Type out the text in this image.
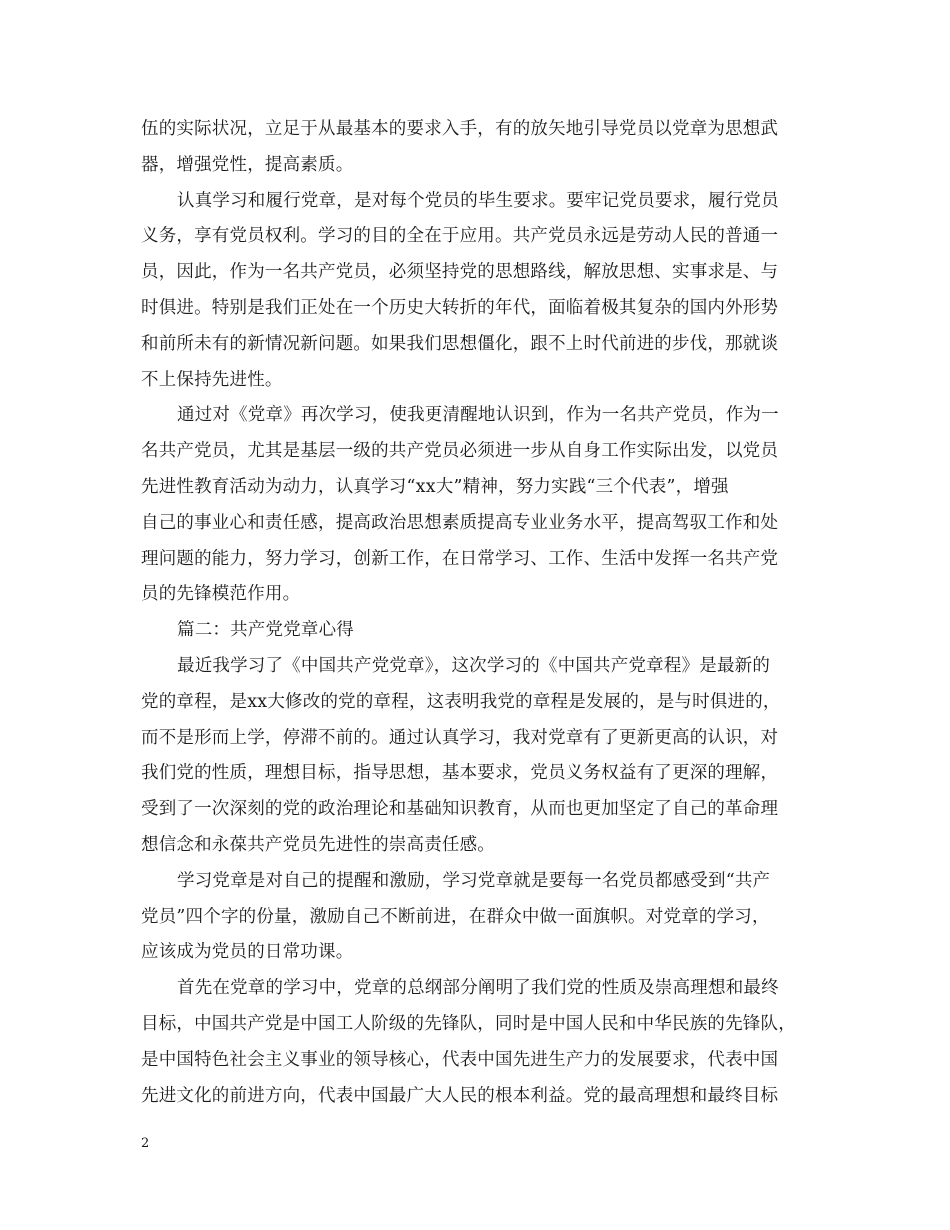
伍的实际状况，立足于从最基本的要求入手，有的放矢地引导党员以党章为思想武
器，增强党性，提高素质。
认真学习和履行党章，是对每个党员的毕生要求。要牢记党员要求，履行党员
义务，享有党员权利。学习的目的全在于应用。共产党员永远是劳动人民的普通一
员，因此，作为一名共产党员，必须坚持党的思想路线，解放思想、实事求是、与
时俱进。特别是我们正处在一个历史大转折的年代，面临着极其复杂的国内外形势
和前所未有的新情况新问题。如果我们思想僵化，跟不上时代前进的步伐，那就谈
不上保持先进性。
通过对《党章》再次学习，使我更清醒地认识到，作为一名共产党员，作为一
名共产党员，尤其是基层一级的共产党员必须进一步从自身工作实际出发，以党员
先进性教育活动为动力，认真学习“xx大”精神，努力实践“三个代表”，增强
自己的事业心和责任感，提高政治思想素质提高专业业务水平，提高驾驭工作和处
理问题的能力，努力学习，创新工作，在日常学习、工作、生活中发挥一名共产党
员的先锋模范作用。
篇二：共产党党章心得
最近我学习了《中国共产党党章》，这次学习的《中国共产党章程》是最新的
党的章程，是xx大修改的党的章程，这表明我党的章程是发展的，是与时俱进的，
而不是形而上学，停滞不前的。通过认真学习，我对党章有了更新更高的认识，对
我们党的性质，理想目标，指导思想，基本要求，党员义务权益有了更深的理解，
受到了一次深刻的党的政治理论和基础知识教育，从而也更加坚定了自己的革命理
想信念和永葆共产党员先进性的崇高责任感。
学习党章是对自己的提醒和激励，学习党章就是要每一名党员都感受到“共产
党员”四个字的份量，激励自己不断前进，在群众中做一面旗帜。对党章的学习，
应该成为党员的日常功课。
首先在党章的学习中，党章的总纲部分阐明了我们党的性质及崇高理想和最终
目标，中国共产党是中国工人阶级的先锋队，同时是中国人民和中华民族的先锋队，
是中国特色社会主义事业的领导核心，代表中国先进生产力的发展要求，代表中国
先进文化的前进方向，代表中国最广大人民的根本利益。党的最高理想和最终目标
2
